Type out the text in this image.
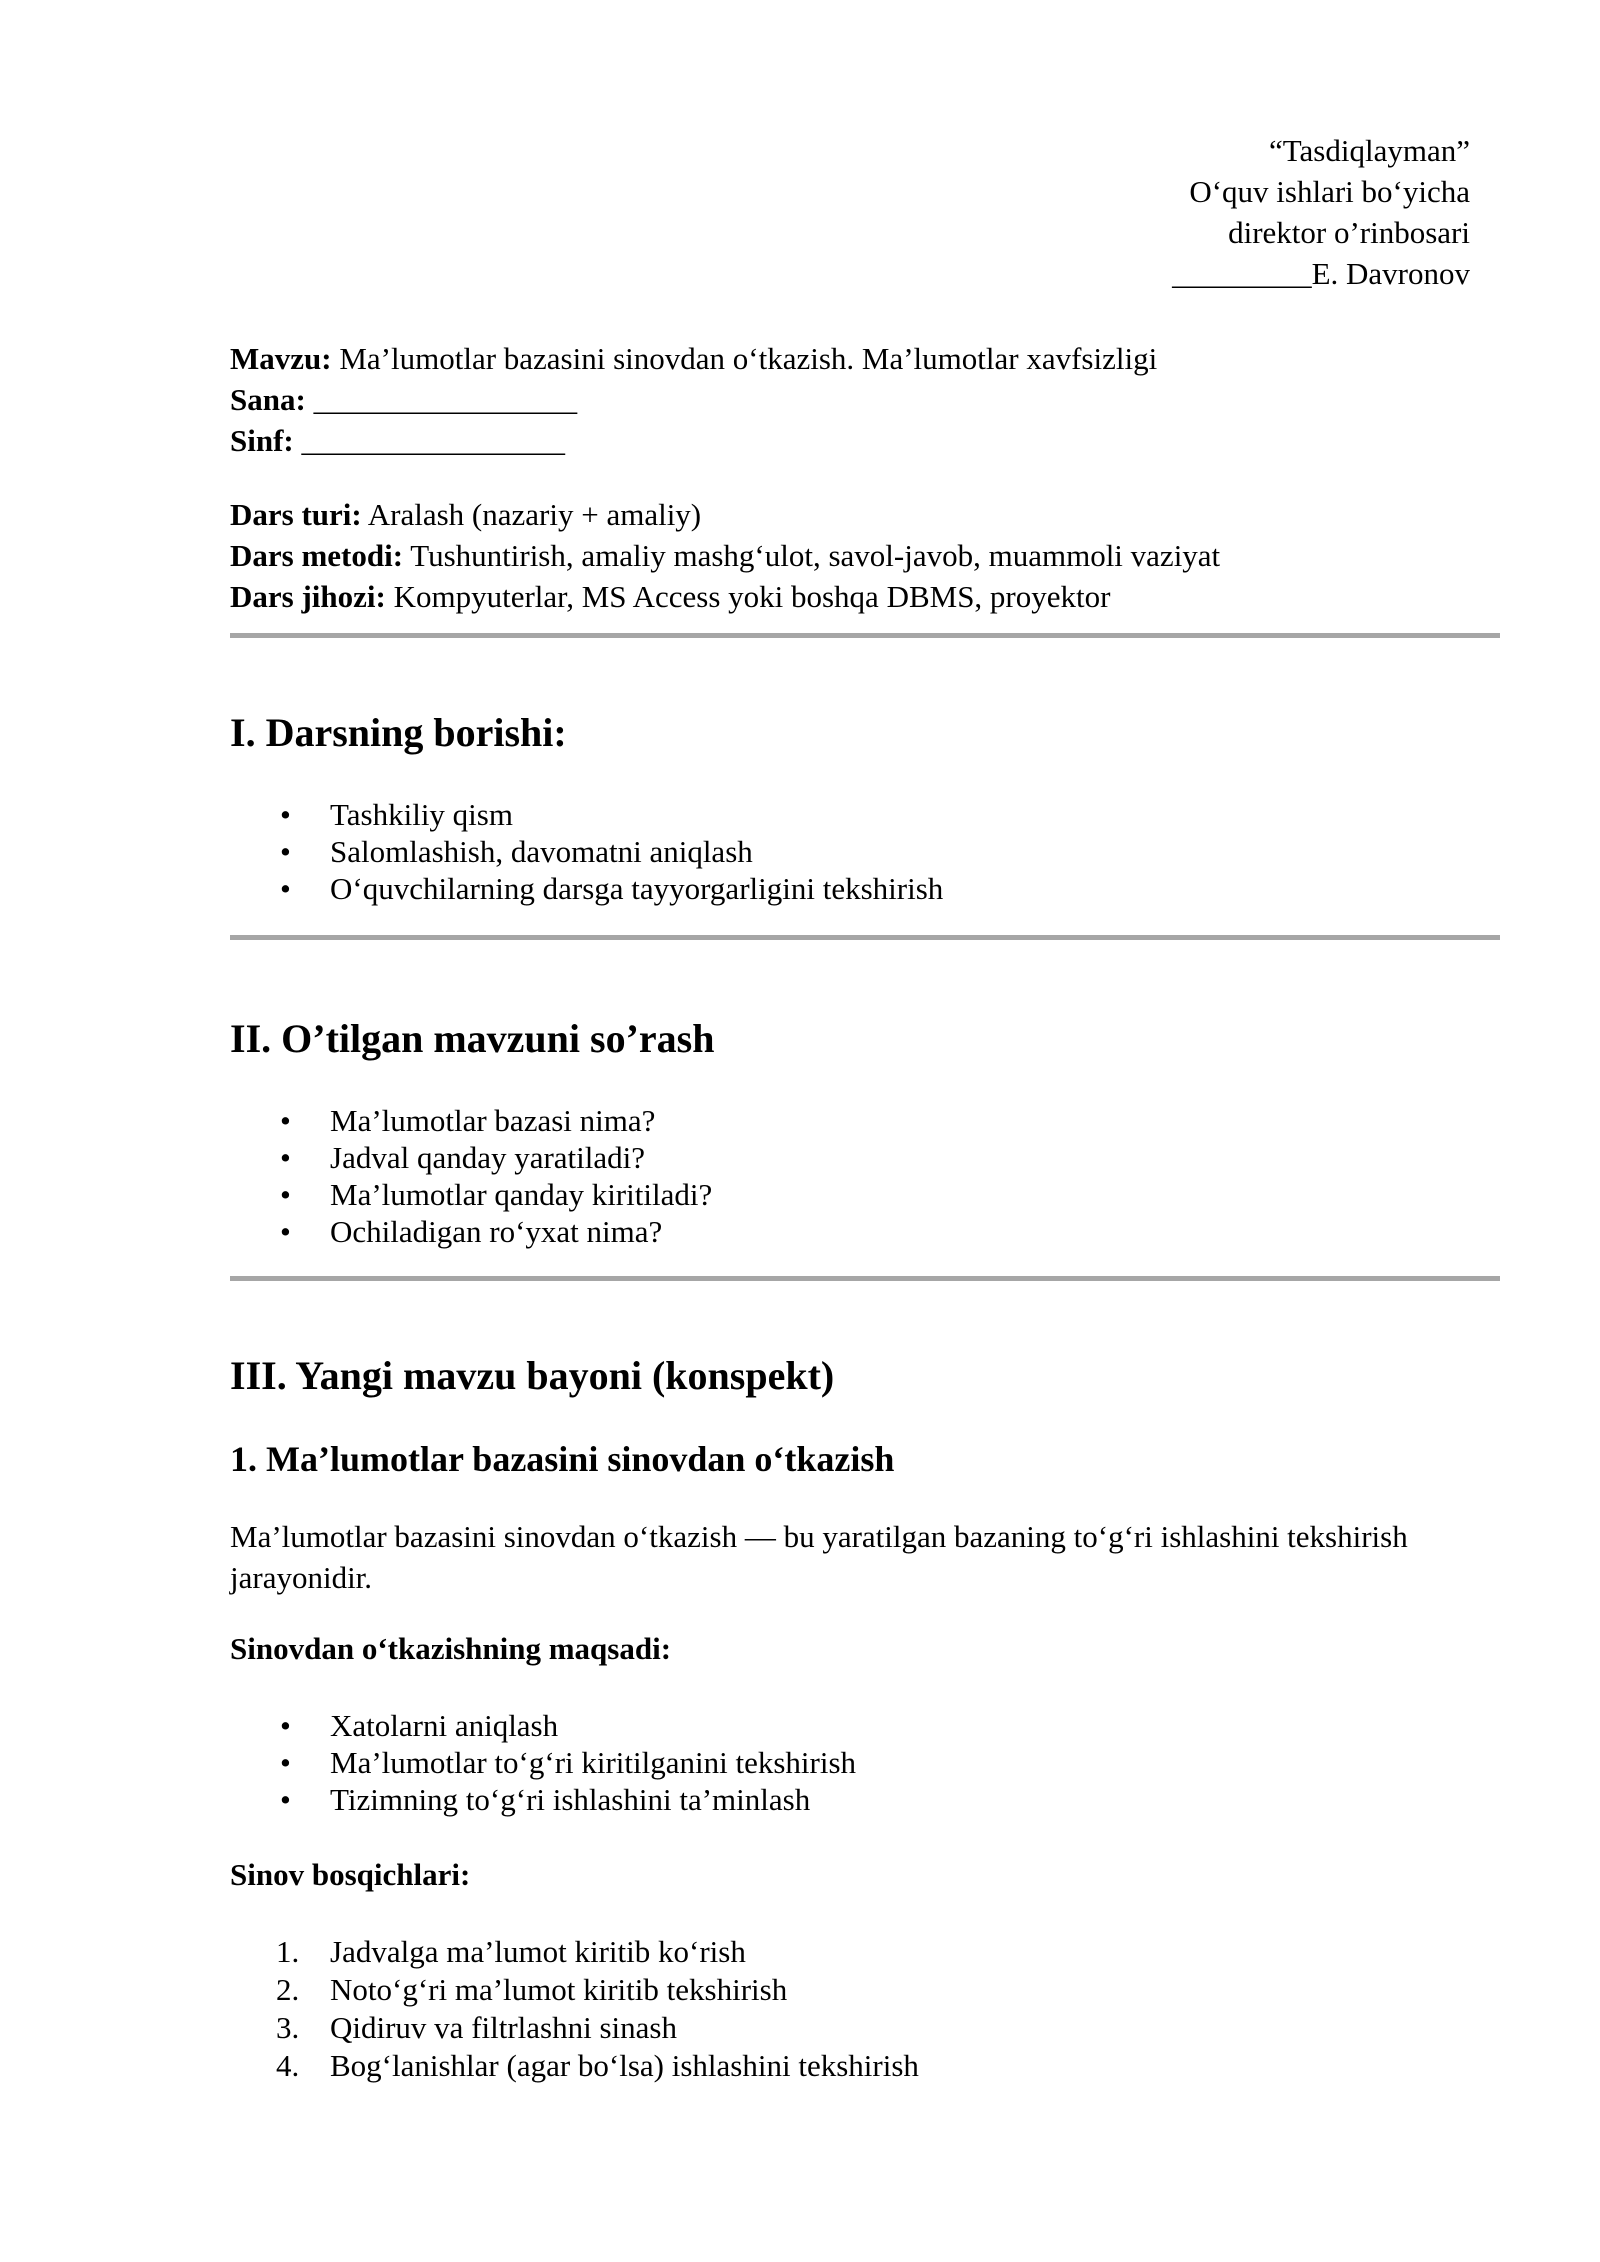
“Tasdiqlayman”
O‘quv ishlari bo‘yicha
direktor o’rinbosari
_________E. Davronov

Mavzu: Ma’lumotlar bazasini sinovdan o‘tkazish. Ma’lumotlar xavfsizligi

Sana: _________________

Sinf: _________________

Dars turi: Aralash (nazariy + amaliy)

Dars metodi: Tushuntirish, amaliy mashg‘ulot, savol-javob, muammoli vaziyat

Dars jihozi: Kompyuterlar, MS Access yoki boshqa DBMS, proyektor

I. Darsning borishi:
• Tashkiliy qism
• Salomlashish, davomatni aniqlash
• O‘quvchilarning darsga tayyorgarligini tekshirish
II. O’tilgan mavzuni so’rash
• Ma’lumotlar bazasi nima?
• Jadval qanday yaratiladi?
• Ma’lumotlar qanday kiritiladi?
• Ochiladigan ro‘yxat nima?
III. Yangi mavzu bayoni (konspekt)
1. Ma’lumotlar bazasini sinovdan o‘tkazish

Ma’lumotlar bazasini sinovdan o‘tkazish — bu yaratilgan bazaning to‘g‘ri ishlashini tekshirish jarayonidir.

Sinovdan o‘tkazishning maqsadi:
• Xatolarni aniqlash
• Ma’lumotlar to‘g‘ri kiritilganini tekshirish
• Tizimning to‘g‘ri ishlashini ta’minlash
Sinov bosqichlari:
Jadvalga ma’lumot kiritib ko‘rish
Noto‘g‘ri ma’lumot kiritib tekshirish
Qidiruv va filtrlashni sinash
Bog‘lanishlar (agar bo‘lsa) ishlashini tekshirish
